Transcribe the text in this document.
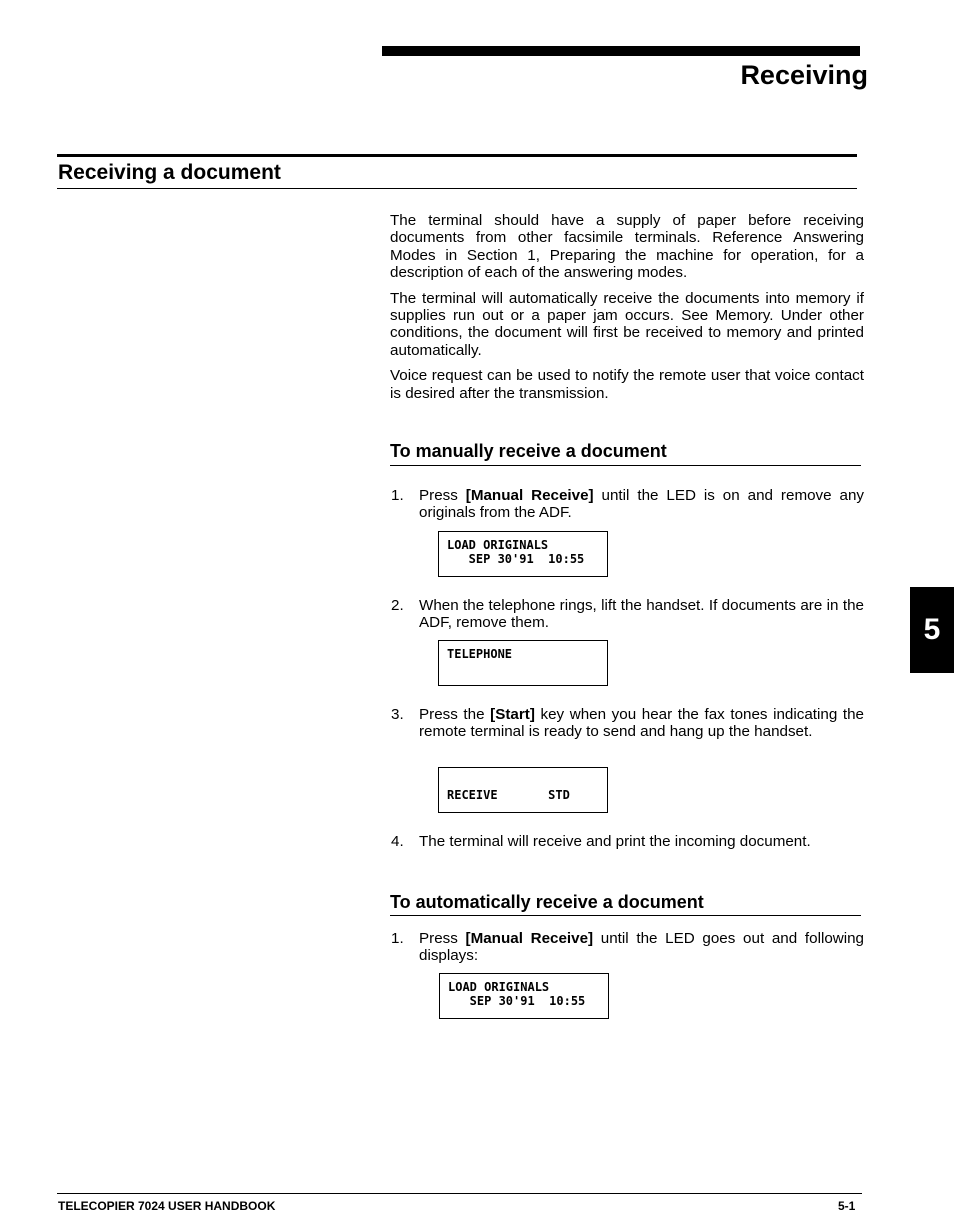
Receiving
Receiving a document

The terminal should have a supply of paper before receiving documents from other facsimile terminals. Reference Answering Modes in Section 1, Preparing the machine for operation, for a description of each of the answering modes.

The terminal will automatically receive the documents into memory if supplies run out or a paper jam occurs. See Memory. Under other conditions, the document will first be received to memory and printed automatically.

Voice request can be used to notify the remote user that voice contact is desired after the transmission.

To manually receive a document
1. Press [Manual Receive] until the LED is on and remove any originals from the ADF.
LOAD ORIGINALS
SEP 30'91  10:55
2. When the telephone rings, lift the handset. If documents are in the ADF, remove them.
TELEPHONE
3. Press the [Start] key when you hear the fax tones indicating the remote terminal is ready to send and hang up the handset.

RECEIVE       STD
4. The terminal will receive and print the incoming document.
To automatically receive a document
1. Press [Manual Receive] until the LED goes out and following displays:
LOAD ORIGINALS
SEP 30'91  10:55
5
TELECOPIER 7024 USER HANDBOOK	5-1
